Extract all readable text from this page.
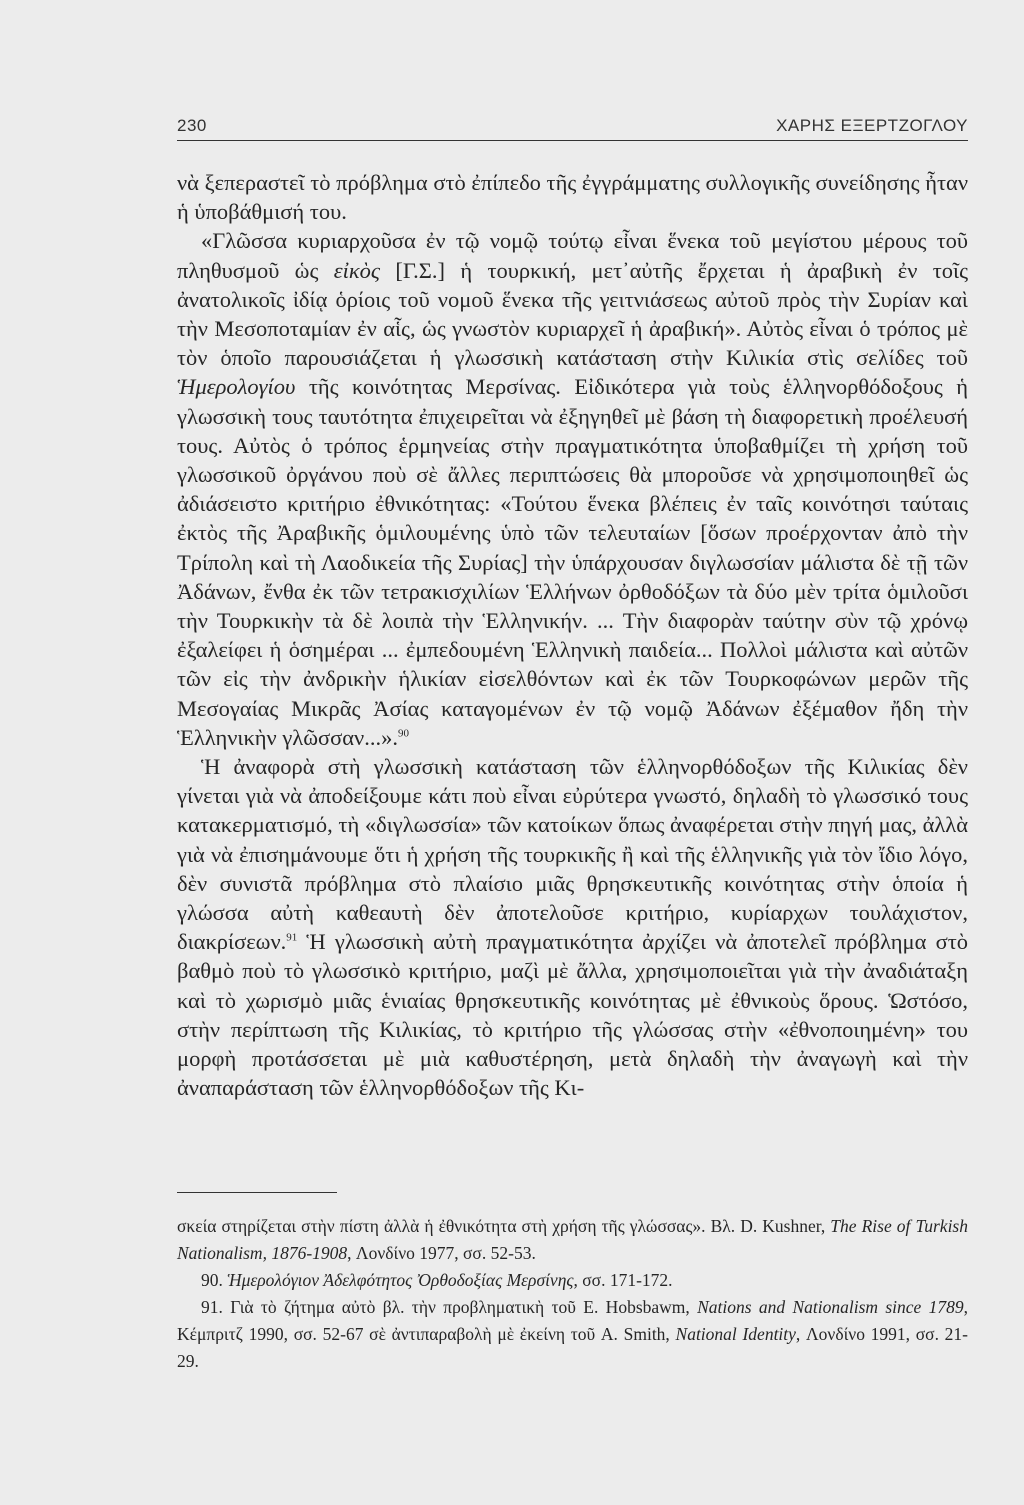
230	ΧΑΡΗΣ ΕΞΕΡΤΖΟΓΛΟΥ

νὰ ξεπεραστεῖ τὸ πρόβλημα στὸ ἐπίπεδο τῆς ἐγγράμματης συλλογικῆς συνείδησης ἦταν ἡ ὑποβάθμισή του.

«Γλῶσσα κυριαρχοῦσα ἐν τῷ νομῷ τούτῳ εἶναι ἕνεκα τοῦ μεγίστου μέρους τοῦ πληθυσμοῦ ὡς εἰκὸς [Γ.Σ.] ἡ τουρκική, μετ᾽αὐτῆς ἔρχεται ἡ ἀραβικὴ ἐν τοῖς ἀνατολικοῖς ἰδίᾳ ὁρίοις τοῦ νομοῦ ἕνεκα τῆς γειτνιάσεως αὐτοῦ πρὸς τὴν Συρίαν καὶ τὴν Μεσοποταμίαν ἐν αἷς, ὡς γνωστὸν κυριαρχεῖ ἡ ἀραβική». Αὐτὸς εἶναι ὁ τρόπος μὲ τὸν ὁποῖο παρουσιάζεται ἡ γλωσσικὴ κατάσταση στὴν Κιλικία στὶς σελίδες τοῦ Ἡμερολογίου τῆς κοινότητας Μερσίνας. Εἰδικότερα γιὰ τοὺς ἑλληνορθόδοξους ἡ γλωσσικὴ τους ταυτότητα ἐπιχειρεῖται νὰ ἐξηγηθεῖ μὲ βάση τὴ διαφορετικὴ προέλευσή τους. Αὐτὸς ὁ τρόπος ἑρμηνείας στὴν πραγματικότητα ὑποβαθμίζει τὴ χρήση τοῦ γλωσσικοῦ ὀργάνου ποὺ σὲ ἄλλες περιπτώσεις θὰ μποροῦσε νὰ χρησιμοποιηθεῖ ὡς ἀδιάσειστο κριτήριο ἐθνικότητας: «Τούτου ἕνεκα βλέπεις ἐν ταῖς κοινότησι ταύταις ἐκτὸς τῆς Ἀραβικῆς ὁμιλουμένης ὑπὸ τῶν τελευταίων [ὅσων προέρχονταν ἀπὸ τὴν Τρίπολη καὶ τὴ Λαοδικεία τῆς Συρίας] τὴν ὑπάρχουσαν διγλωσσίαν μάλιστα δὲ τῇ τῶν Ἀδάνων, ἔνθα ἐκ τῶν τετρακισχιλίων Ἑλλήνων ὀρθοδόξων τὰ δύο μὲν τρίτα ὁμιλοῦσι τὴν Τουρκικὴν τὰ δὲ λοιπὰ τὴν Ἑλληνικήν. ... Τὴν διαφορὰν ταύτην σὺν τῷ χρόνῳ ἐξαλείφει ἡ ὁσημέραι ... ἐμπεδουμένη Ἑλληνικὴ παιδεία... Πολλοὶ μάλιστα καὶ αὐτῶν τῶν εἰς τὴν ἀνδρικὴν ἡλικίαν εἰσελθόντων καὶ ἐκ τῶν Τουρκοφώνων μερῶν τῆς Μεσογαίας Μικρᾶς Ἀσίας καταγομένων ἐν τῷ νομῷ Ἀδάνων ἐξέμαθον ἤδη τὴν Ἑλληνικὴν γλῶσσαν...».$^{90}$

Ἡ ἀναφορὰ στὴ γλωσσικὴ κατάσταση τῶν ἑλληνορθόδοξων τῆς Κιλικίας δὲν γίνεται γιὰ νὰ ἀποδείξουμε κάτι ποὺ εἶναι εὐρύτερα γνωστό, δηλαδὴ τὸ γλωσσικό τους κατακερματισμό, τὴ «διγλωσσία» τῶν κατοίκων ὅπως ἀναφέρεται στὴν πηγή μας, ἀλλὰ γιὰ νὰ ἐπισημάνουμε ὅτι ἡ χρήση τῆς τουρκικῆς ἢ καὶ τῆς ἑλληνικῆς γιὰ τὸν ἴδιο λόγο, δὲν συνιστᾶ πρόβλημα στὸ πλαίσιο μιᾶς θρησκευτικῆς κοινότητας στὴν ὁποία ἡ γλώσσα αὐτὴ καθεαυτὴ δὲν ἀποτελοῦσε κριτήριο, κυρίαρχων τουλάχιστον, διακρίσεων.$^{91}$ Ἡ γλωσσικὴ αὐτὴ πραγματικότητα ἀρχίζει νὰ ἀποτελεῖ πρόβλημα στὸ βαθμὸ ποὺ τὸ γλωσσικὸ κριτήριο, μαζὶ μὲ ἄλλα, χρησιμοποιεῖται γιὰ τὴν ἀναδιάταξη καὶ τὸ χωρισμὸ μιᾶς ἑνιαίας θρησκευτικῆς κοινότητας μὲ ἐθνικοὺς ὅρους. Ὡστόσο, στὴν περίπτωση τῆς Κιλικίας, τὸ κριτήριο τῆς γλώσσας στὴν «ἐθνοποιημένη» του μορφὴ προτάσσεται μὲ μιὰ καθυστέρηση, μετὰ δηλαδὴ τὴν ἀναγωγὴ καὶ τὴν ἀναπαράσταση τῶν ἑλληνορθόδοξων τῆς Κι-

σκεία στηρίζεται στὴν πίστη ἀλλὰ ἡ ἐθνικότητα στὴ χρήση τῆς γλώσσας». Βλ. D. Kushner, The Rise of Turkish Nationalism, 1876-1908, Λονδίνο 1977, σσ. 52-53.

90. Ἡμερολόγιον Ἀδελφότητος Ὀρθοδοξίας Μερσίνης, σσ. 171-172.

91. Γιὰ τὸ ζήτημα αὐτὸ βλ. τὴν προβληματικὴ τοῦ E. Hobsbawm, Nations and Nationalism since 1789, Κέμπριτζ 1990, σσ. 52-67 σὲ ἀντιπαραβολὴ μὲ ἐκείνη τοῦ A. Smith, National Identity, Λονδίνο 1991, σσ. 21-29.
